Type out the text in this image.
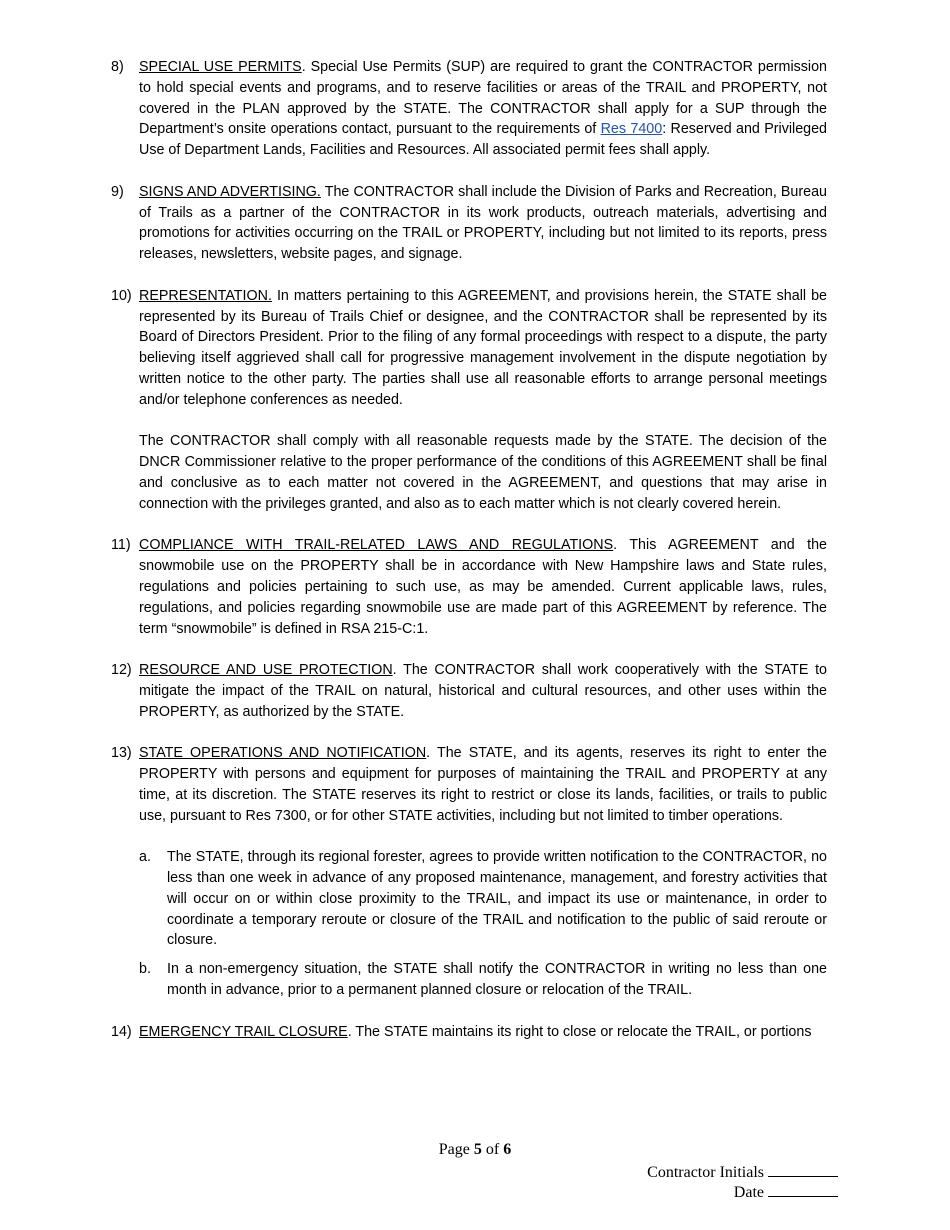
8) SPECIAL USE PERMITS. Special Use Permits (SUP) are required to grant the CONTRACTOR permission to hold special events and programs, and to reserve facilities or areas of the TRAIL and PROPERTY, not covered in the PLAN approved by the STATE. The CONTRACTOR shall apply for a SUP through the Department’s onsite operations contact, pursuant to the requirements of Res 7400: Reserved and Privileged Use of Department Lands, Facilities and Resources. All associated permit fees shall apply.
9) SIGNS AND ADVERTISING. The CONTRACTOR shall include the Division of Parks and Recreation, Bureau of Trails as a partner of the CONTRACTOR in its work products, outreach materials, advertising and promotions for activities occurring on the TRAIL or PROPERTY, including but not limited to its reports, press releases, newsletters, website pages, and signage.
10) REPRESENTATION. In matters pertaining to this AGREEMENT, and provisions herein, the STATE shall be represented by its Bureau of Trails Chief or designee, and the CONTRACTOR shall be represented by its Board of Directors President. Prior to the filing of any formal proceedings with respect to a dispute, the party believing itself aggrieved shall call for progressive management involvement in the dispute negotiation by written notice to the other party. The parties shall use all reasonable efforts to arrange personal meetings and/or telephone conferences as needed.
The CONTRACTOR shall comply with all reasonable requests made by the STATE. The decision of the DNCR Commissioner relative to the proper performance of the conditions of this AGREEMENT shall be final and conclusive as to each matter not covered in the AGREEMENT, and questions that may arise in connection with the privileges granted, and also as to each matter which is not clearly covered herein.
11) COMPLIANCE WITH TRAIL-RELATED LAWS AND REGULATIONS. This AGREEMENT and the snowmobile use on the PROPERTY shall be in accordance with New Hampshire laws and State rules, regulations and policies pertaining to such use, as may be amended. Current applicable laws, rules, regulations, and policies regarding snowmobile use are made part of this AGREEMENT by reference. The term “snowmobile” is defined in RSA 215-C:1.
12) RESOURCE AND USE PROTECTION. The CONTRACTOR shall work cooperatively with the STATE to mitigate the impact of the TRAIL on natural, historical and cultural resources, and other uses within the PROPERTY, as authorized by the STATE.
13) STATE OPERATIONS AND NOTIFICATION. The STATE, and its agents, reserves its right to enter the PROPERTY with persons and equipment for purposes of maintaining the TRAIL and PROPERTY at any time, at its discretion. The STATE reserves its right to restrict or close its lands, facilities, or trails to public use, pursuant to Res 7300, or for other STATE activities, including but not limited to timber operations.
a. The STATE, through its regional forester, agrees to provide written notification to the CONTRACTOR, no less than one week in advance of any proposed maintenance, management, and forestry activities that will occur on or within close proximity to the TRAIL, and impact its use or maintenance, in order to coordinate a temporary reroute or closure of the TRAIL and notification to the public of said reroute or closure.
b. In a non-emergency situation, the STATE shall notify the CONTRACTOR in writing no less than one month in advance, prior to a permanent planned closure or relocation of the TRAIL.
14) EMERGENCY TRAIL CLOSURE. The STATE maintains its right to close or relocate the TRAIL, or portions
Page 5 of 6
Contractor Initials
Date
